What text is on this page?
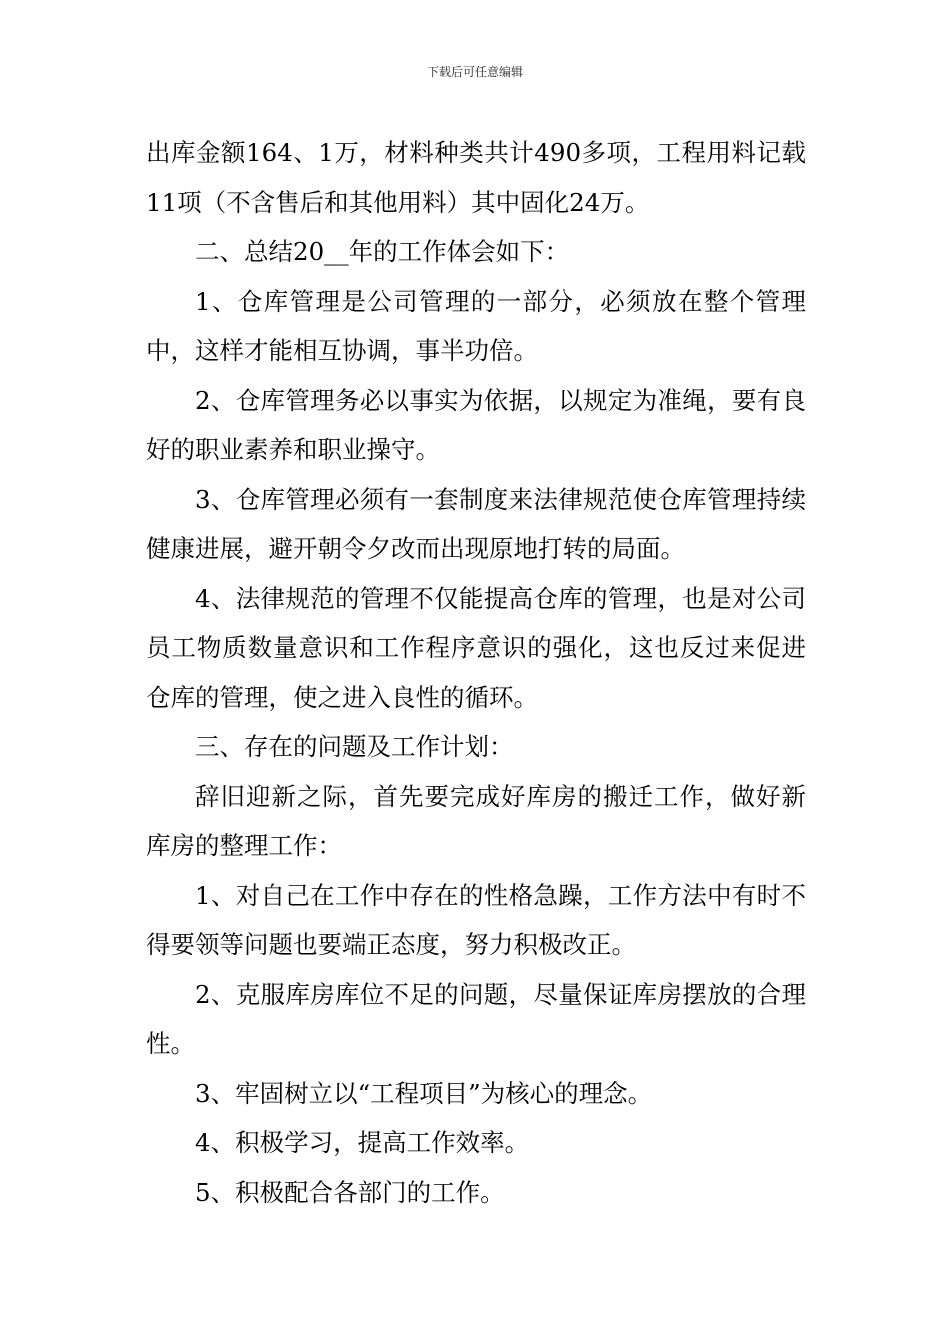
下载后可任意编辑

出库金额164、1万，材料种类共计490多项，工程用料记载11项（不含售后和其他用料）其中固化24万。

二、总结20__年的工作体会如下：

1、仓库管理是公司管理的一部分，必须放在整个管理中，这样才能相互协调，事半功倍。

2、仓库管理务必以事实为依据，以规定为准绳，要有良好的职业素养和职业操守。

3、仓库管理必须有一套制度来法律规范使仓库管理持续健康进展，避开朝令夕改而出现原地打转的局面。

4、法律规范的管理不仅能提高仓库的管理，也是对公司员工物质数量意识和工作程序意识的强化，这也反过来促进仓库的管理，使之进入良性的循环。

三、存在的问题及工作计划：

辞旧迎新之际，首先要完成好库房的搬迁工作，做好新库房的整理工作：

1、对自己在工作中存在的性格急躁，工作方法中有时不得要领等问题也要端正态度，努力积极改正。

2、克服库房库位不足的问题，尽量保证库房摆放的合理性。

3、牢固树立以“工程项目”为核心的理念。

4、积极学习，提高工作效率。

5、积极配合各部门的工作。
